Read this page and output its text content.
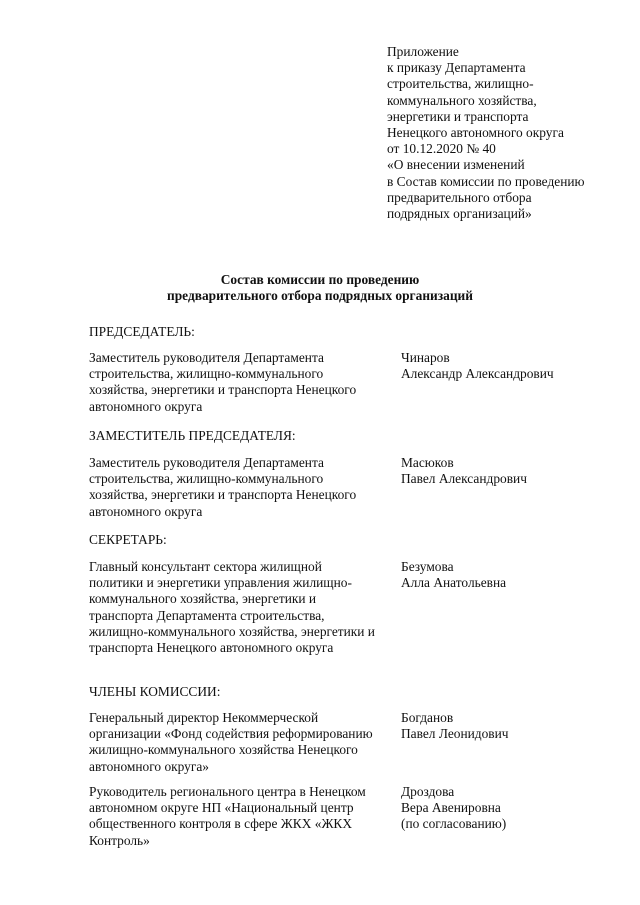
Приложение
к приказу Департамента
строительства, жилищно-
коммунального хозяйства,
энергетики и транспорта
Ненецкого автономного округа
от 10.12.2020 № 40
«О внесении изменений
в Состав комиссии по проведению
предварительного отбора
подрядных организаций»
Состав комиссии по проведению
предварительного отбора подрядных организаций
ПРЕДСЕДАТЕЛЬ:
Заместитель руководителя Департамента
строительства, жилищно-коммунального
хозяйства, энергетики и транспорта Ненецкого
автономного округа
Чинаров
Александр Александрович
ЗАМЕСТИТЕЛЬ ПРЕДСЕДАТЕЛЯ:
Заместитель руководителя Департамента
строительства, жилищно-коммунального
хозяйства, энергетики и транспорта Ненецкого
автономного округа
Масюков
Павел Александрович
СЕКРЕТАРЬ:
Главный консультант сектора жилищной
политики и энергетики управления жилищно-
коммунального хозяйства, энергетики и
транспорта Департамента строительства,
жилищно-коммунального хозяйства, энергетики и
транспорта Ненецкого автономного округа
Безумова
Алла Анатольевна
ЧЛЕНЫ КОМИССИИ:
Генеральный директор Некоммерческой
организации «Фонд содействия реформированию
жилищно-коммунального хозяйства Ненецкого
автономного округа»
Богданов
Павел Леонидович
Руководитель регионального центра в Ненецком
автономном округе НП «Национальный центр
общественного контроля в сфере ЖКХ «ЖКХ
Контроль»
Дроздова
Вера Авенировна
(по согласованию)
